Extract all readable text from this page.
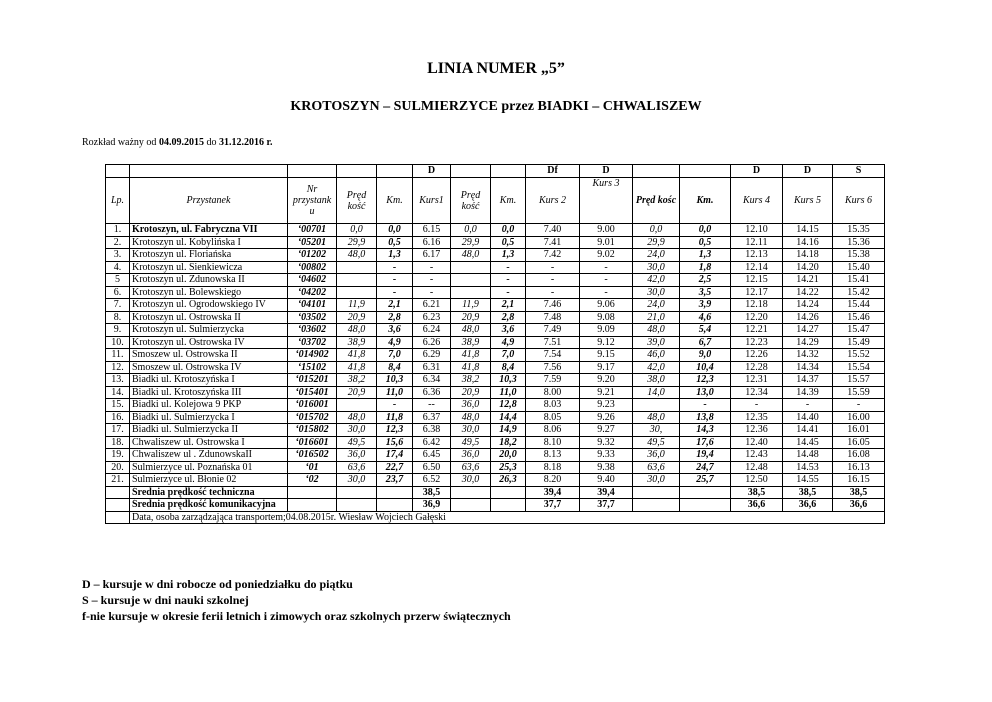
LINIA NUMER „5”
KROTOSZYN – SULMIERZYCE przez BIADKI – CHWALISZEW
Rozkład ważny od 04.09.2015 do 31.12.2016 r.
					D			Df	D			D	D	S
Lp.	Przystanek	Nr przystank u	Pręd kość	Km.	Kurs1	Pręd kość	Km.	Kurs 2	Kurs 3	Pręd kośc	Km.	Kurs 4	Kurs 5	Kurs 6
1.	Krotoszyn, ul. Fabryczna VII	‘00701	0,0	0,0	6.15	0,0	0,0	7.40	9.00	0,0	0,0	12.10	14.15	15.35
2.	Krotoszyn ul. Kobylińska I	‘05201	29,9	0,5	6.16	29,9	0,5	7.41	9.01	29,9	0,5	12.11	14.16	15.36
3.	Krotoszyn ul. Floriańska	‘01202	48,0	1,3	6.17	48,0	1,3	7.42	9.02	24,0	1,3	12.13	14.18	15.38
4.	Krotoszyn ul. Sienkiewicza	‘00802		-	-		-	-	-	30,0	1,8	12.14	14.20	15.40
5	Krotoszyn ul. Zdunowska II	‘04602		-	-		-	-	-	42,0	2,5	12.15	14.21	15.41
6.	Krotoszyn ul. Bolewskiego	‘04202		-	-		-	-	-	30,0	3,5	12.17	14.22	15.42
7.	Krotoszyn ul. Ogrodowskiego IV	‘04101	11,9	2,1	6.21	11,9	2,1	7.46	9.06	24,0	3,9	12.18	14.24	15.44
8.	Krotoszyn ul. Ostrowska II	‘03502	20,9	2,8	6.23	20,9	2,8	7.48	9.08	21,0	4,6	12.20	14.26	15.46
9.	Krotoszyn ul. Sulmierzycka	‘03602	48,0	3,6	6.24	48,0	3,6	7.49	9.09	48,0	5,4	12.21	14.27	15.47
10.	Krotoszyn ul. Ostrowska IV	‘03702	38,9	4,9	6.26	38,9	4,9	7.51	9.12	39,0	6,7	12.23	14.29	15.49
11.	Smoszew ul. Ostrowska II	‘014902	41,8	7,0	6.29	41,8	7,0	7.54	9.15	46,0	9,0	12.26	14.32	15.52
12.	Smoszew ul. Ostrowska IV	‘15102	41,8	8,4	6.31	41,8	8,4	7.56	9.17	42,0	10,4	12.28	14.34	15.54
13.	Biadki ul. Krotoszyńska I	‘015201	38,2	10,3	6.34	38,2	10,3	7.59	9.20	38,0	12,3	12.31	14.37	15.57
14.	Biadki ul. Krotoszyńska III	‘015401	20,9	11,0	6.36	20,9	11,0	8.00	9.21	14,0	13,0	12.34	14.39	15.59
15.	Biadki ul. Kolejowa 9 PKP	‘016001		-	--	36,0	12,8	8.03	9.23		-	-	-	-
16.	Biadki ul. Sulmierzycka I	‘015702	48,0	11,8	6.37	48,0	14,4	8.05	9.26	48,0	13,8	12.35	14.40	16.00
17.	Biadki ul. Sulmierzycka II	‘015802	30,0	12,3	6.38	30,0	14,9	8.06	9.27	30,	14,3	12.36	14.41	16.01
18.	Chwaliszew ul. Ostrowska I	‘016601	49,5	15,6	6.42	49,5	18,2	8.10	9.32	49,5	17,6	12.40	14.45	16.05
19.	Chwaliszew ul . ZdunowskaII	‘016502	36,0	17,4	6.45	36,0	20,0	8.13	9.33	36,0	19,4	12.43	14.48	16.08
20.	Sulmierzyce ul. Poznańska 01	‘01	63,6	22,7	6.50	63,6	25,3	8.18	9.38	63,6	24,7	12.48	14.53	16.13
21.	Sulmierzyce ul. Błonie 02	‘02	30,0	23,7	6.52	30,0	26,3	8.20	9.40	30,0	25,7	12.50	14.55	16.15
	Średnia prędkość techniczna				38,5			39,4	39,4			38,5	38,5	38,5
	Średnia prędkość komunikacyjna				36,9			37,7	37,7			36,6	36,6	36,6
	Data, osoba zarządzająca transportem;04.08.2015r. Wiesław Wojciech Gałęski													
D – kursuje w dni robocze od poniedziałku do piątku
S – kursuje w dni nauki szkolnej
f-nie kursuje w okresie ferii letnich i zimowych oraz szkolnych przerw świątecznych
